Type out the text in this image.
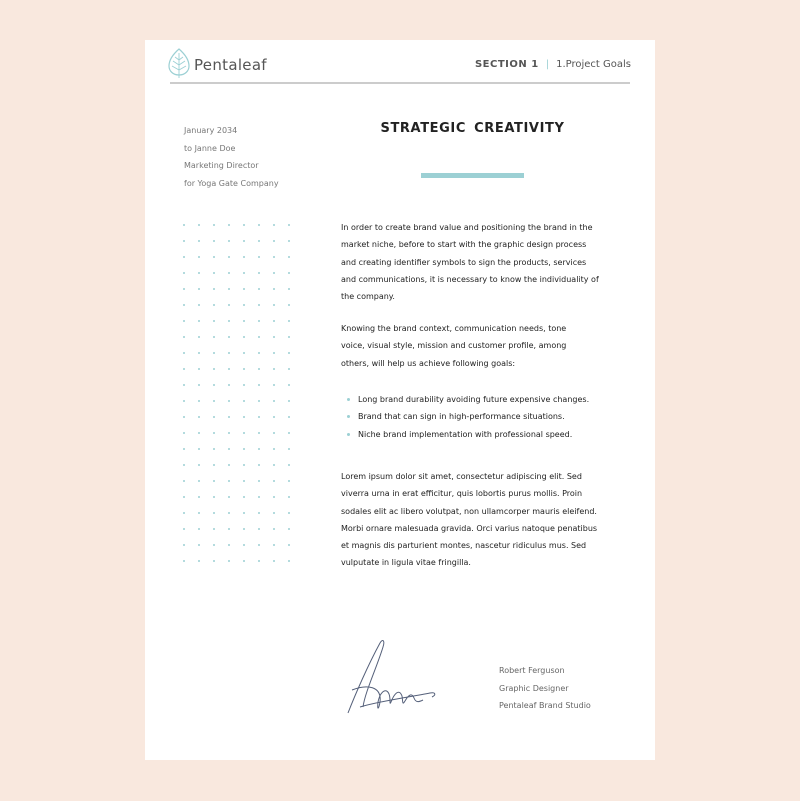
Pentaleaf	SECTION 1 | 1.Project Goals
January 2034
to Janne Doe
Marketing Director
for Yoga Gate Company
STRATEGIC CREATIVITY
In order to create brand value and positioning the brand in the market niche, before to start with the graphic design process and creating identifier symbols to sign the products, services and communications, it is necessary to know the individuality of the company.
Knowing the brand context, communication needs, tone voice, visual style, mission and customer profile, among others, will help us achieve following goals:
Long brand durability avoiding future expensive changes.
Brand that can sign in high-performance situations.
Niche brand implementation with professional speed.
Lorem ipsum dolor sit amet, consectetur adipiscing elit. Sed viverra urna in erat efficitur, quis lobortis purus mollis. Proin sodales elit ac libero volutpat, non ullamcorper mauris eleifend. Morbi ornare malesuada gravida. Orci varius natoque penatibus et magnis dis parturient montes, nascetur ridiculus mus. Sed vulputate in ligula vitae fringilla.
Robert Ferguson
Graphic Designer
Pentaleaf Brand Studio
